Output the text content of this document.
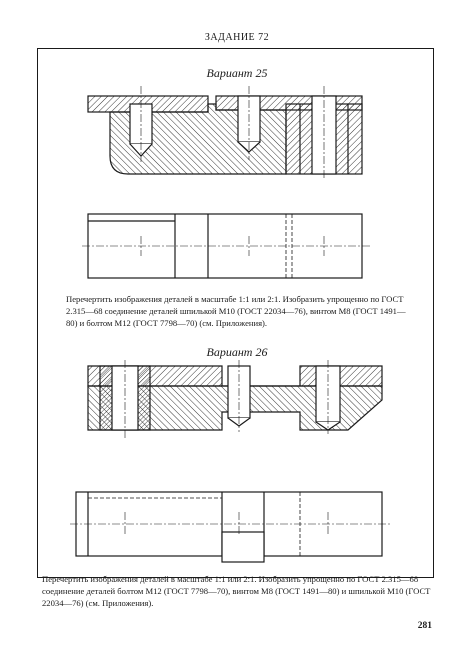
ЗАДАНИЕ 72
Вариант 25

Перечертить изображения деталей в масштабе 1:1 или 2:1. Изобразить упрощенно по ГОСТ 2.315—68 соединение деталей шпилькой М10 (ГОСТ 22034—76), винтом М8 (ГОСТ 1491—80) и болтом М12 (ГОСТ 7798—70) (см. Приложения).

Вариант 26

Перечертить изображения деталей в масштабе 1:1 или 2:1. Изобразить упрощенно по ГОСТ 2.315—68 соединение деталей болтом М12 (ГОСТ 7798—70), винтом М8 (ГОСТ 1491—80) и шпилькой М10 (ГОСТ 22034—76) (см. Приложения).

281
